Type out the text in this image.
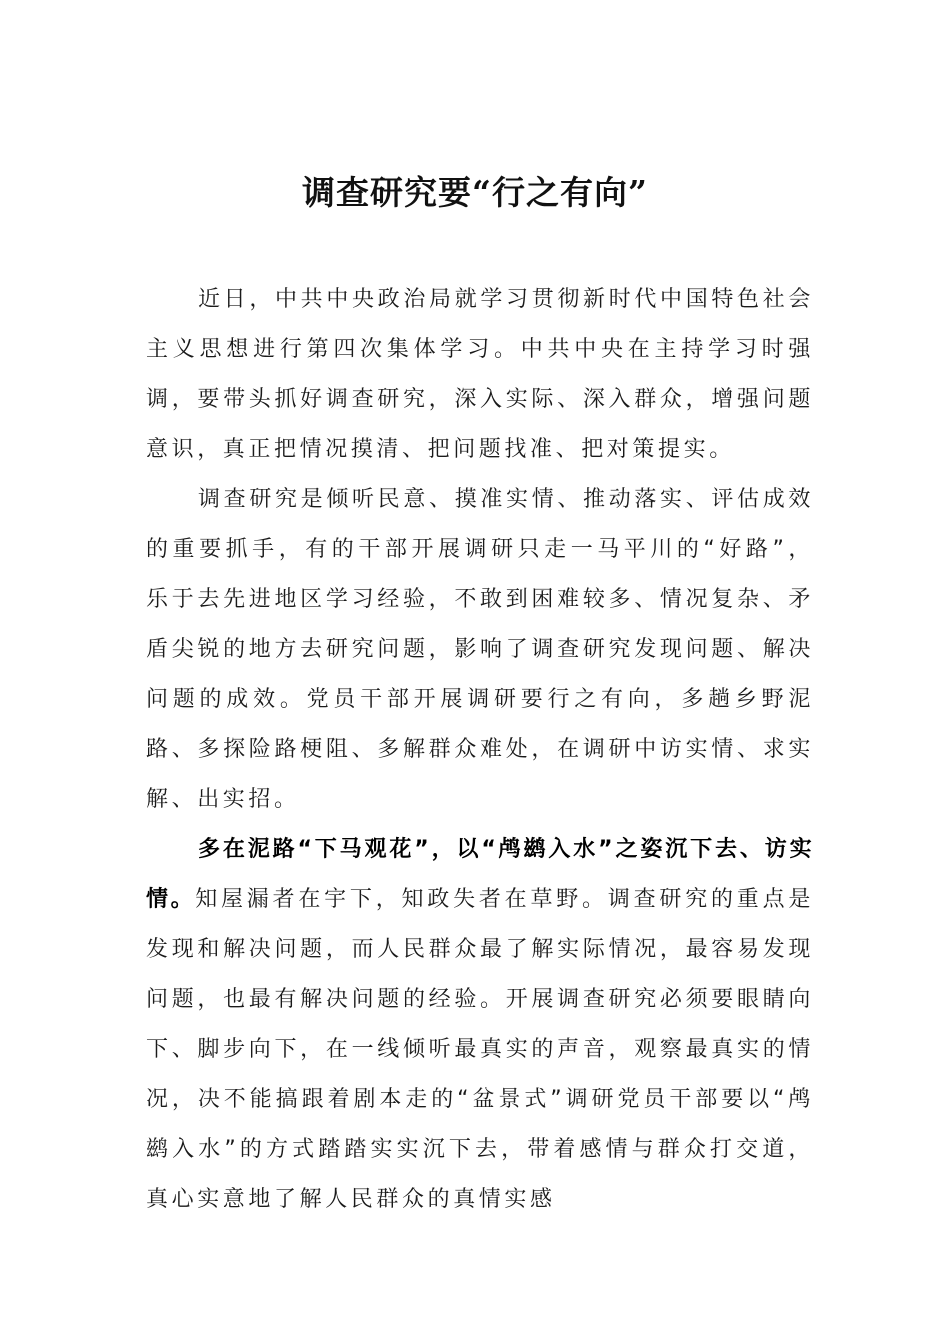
调查研究要“行之有向”

近日，中共中央政治局就学习贯彻新时代中国特色社会主义思想进行第四次集体学习。中共中央在主持学习时强调，要带头抓好调查研究，深入实际、深入群众，增强问题意识，真正把情况摸清、把问题找准、把对策提实。

调查研究是倾听民意、摸准实情、推动落实、评估成效的重要抓手，有的干部开展调研只走一马平川的“好路”，乐于去先进地区学习经验，不敢到困难较多、情况复杂、矛盾尖锐的地方去研究问题，影响了调查研究发现问题、解决问题的成效。党员干部开展调研要行之有向，多趟乡野泥路、多探险路梗阻、多解群众难处，在调研中访实情、求实解、出实招。

多在泥路“下马观花”，以“鸬鹚入水”之姿沉下去、访实情。知屋漏者在宇下，知政失者在草野。调查研究的重点是发现和解决问题，而人民群众最了解实际情况，最容易发现问题，也最有解决问题的经验。开展调查研究必须要眼睛向下、脚步向下，在一线倾听最真实的声音，观察最真实的情况，决不能搞跟着剧本走的“盆景式”调研党员干部要以“鸬鹚入水”的方式踏踏实实沉下去，带着感情与群众打交道，真心实意地了解人民群众的真情实感
